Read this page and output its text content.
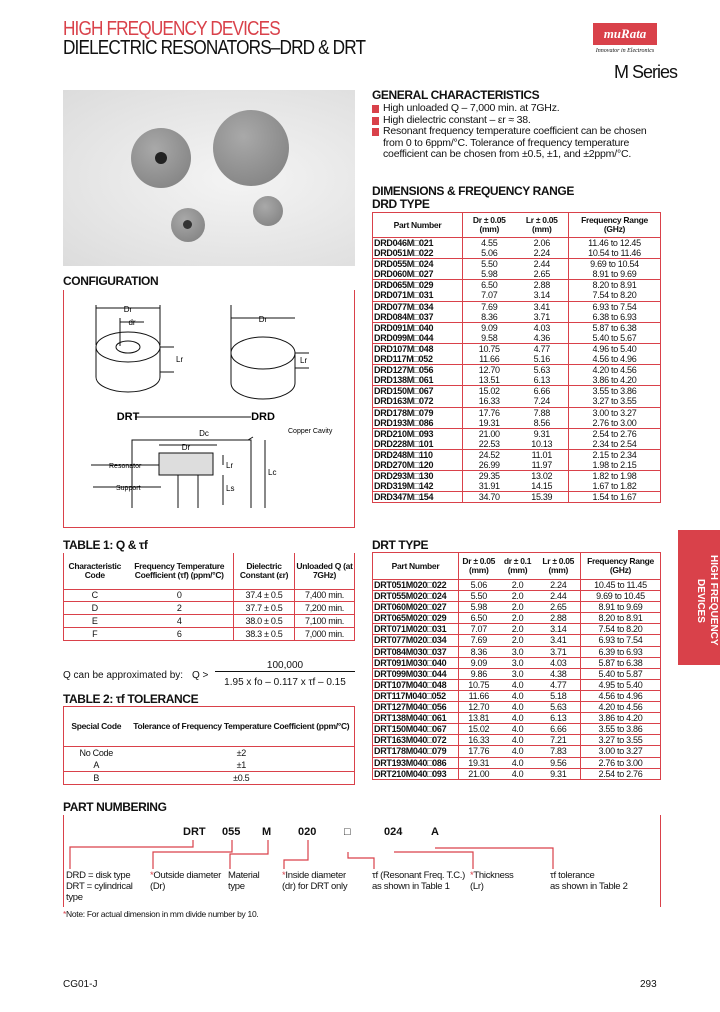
HIGH FREQUENCY DEVICES
DIELECTRIC RESONATORS–DRD & DRT
muRata
Innovator in Electronics
M Series
GENERAL CHARACTERISTICS
High unloaded Q – 7,000 min. at 7GHz.
High dielectric constant – εr ≈ 38.
Resonant frequency temperature coefficient can be chosen from 0 to 6ppm/°C. Tolerance of frequency temperature coefficient can be chosen from ±0.5, ±1, and ±2ppm/°C.
DIMENSIONS & FREQUENCY RANGE
DRD TYPE
Part Number	Dr ± 0.05 (mm)	Lr ± 0.05 (mm)	Frequency Range (GHz)
DRD046M□021	4.55	2.06	11.46 to 12.45
DRD051M□022	5.06	2.24	10.54 to 11.46
DRD055M□024	5.50	2.44	9.69 to 10.54
DRD060M□027	5.98	2.65	8.91 to 9.69
DRD065M□029	6.50	2.88	8.20 to 8.91
DRD071M□031	7.07	3.14	7.54 to 8.20
DRD077M□034	7.69	3.41	6.93 to 7.54
DRD084M□037	8.36	3.71	6.38 to 6.93
DRD091M□040	9.09	4.03	5.87 to 6.38
DRD099M□044	9.58	4.36	5.40 to 5.67
DRD107M□048	10.75	4.77	4.96 to 5.40
DRD117M□052	11.66	5.16	4.56 to 4.96
DRD127M□056	12.70	5.63	4.20 to 4.56
DRD138M□061	13.51	6.13	3.86 to 4.20
DRD150M□067	15.02	6.66	3.55 to 3.86
DRD163M□072	16.33	7.24	3.27 to 3.55
DRD178M□079	17.76	7.88	3.00 to 3.27
DRD193M□086	19.31	8.56	2.76 to 3.00
DRD210M□093	21.00	9.31	2.54 to 2.76
DRD228M□101	22.53	10.13	2.34 to 2.54
DRD248M□110	24.52	11.01	2.15 to 2.34
DRD270M□120	26.99	11.97	1.98 to 2.15
DRD293M□130	29.35	13.02	1.82 to 1.98
DRD319M□142	31.91	14.15	1.67 to 1.82
DRD347M□154	34.70	15.39	1.54 to 1.67
DRT TYPE
Part Number	Dr ± 0.05 (mm)	dr ± 0.1 (mm)	Lr ± 0.05 (mm)	Frequency Range (GHz)
DRT051M020□022	5.06	2.0	2.24	10.45 to 11.45
DRT055M020□024	5.50	2.0	2.44	9.69 to 10.45
DRT060M020□027	5.98	2.0	2.65	8.91 to 9.69
DRT065M020□029	6.50	2.0	2.88	8.20 to 8.91
DRT071M020□031	7.07	2.0	3.14	7.54 to 8.20
DRT077M020□034	7.69	2.0	3.41	6.93 to 7.54
DRT084M030□037	8.36	3.0	3.71	6.39 to 6.93
DRT091M030□040	9.09	3.0	4.03	5.87 to 6.38
DRT099M030□044	9.86	3.0	4.38	5.40 to 5.87
DRT107M040□048	10.75	4.0	4.77	4.95 to 5.40
DRT117M040□052	11.66	4.0	5.18	4.56 to 4.96
DRT127M040□056	12.70	4.0	5.63	4.20 to 4.56
DRT138M040□061	13.81	4.0	6.13	3.86 to 4.20
DRT150M040□067	15.02	4.0	6.66	3.55 to 3.86
DRT163M040□072	16.33	4.0	7.21	3.27 to 3.55
DRT178M040□079	17.76	4.0	7.83	3.00 to 3.27
DRT193M040□086	19.31	4.0	9.56	2.76 to 3.00
DRT210M040□093	21.00	4.0	9.31	2.54 to 2.76
CONFIGURATION
Dr
dr
Lr
Dr
Lr
DRT	DRD
Dc
Dr
Lr
Ls
Lc
Copper Cavity
Resonator
Support
TABLE 1: Q & τf
Characteristic Code	Frequency Temperature Coefficient (τf) (ppm/°C)	Dielectric Constant (εr)	Unloaded Q (at 7GHz)
C	0	37.4 ± 0.5	7,400 min.
D	2	37.7 ± 0.5	7,200 min.
E	4	38.0 ± 0.5	7,100 min.
F	6	38.3 ± 0.5	7,000 min.
Q can be approximated by: Q >
100,000
1.95 x fo – 0.117 x τf – 0.15
TABLE 2: τf TOLERANCE
Special Code	Tolerance of Frequency Temperature Coefficient (ppm/°C)
No Code	±2
A	±1
B	±0.5
PART NUMBERING
DRT 055 M 020	□	024	A
DRD = disk type
DRT = cylindrical type
*Outside diameter
(Dr)
Material
type
*Inside diameter
(dr) for DRT only
τf (Resonant Freq. T.C.)
as shown in Table 1
*Thickness
(Lr)
τf tolerance
as shown in Table 2
*Note: For actual dimension in mm divide number by 10.
HIGH FREQUENCY DEVICES
CG01-J	293
